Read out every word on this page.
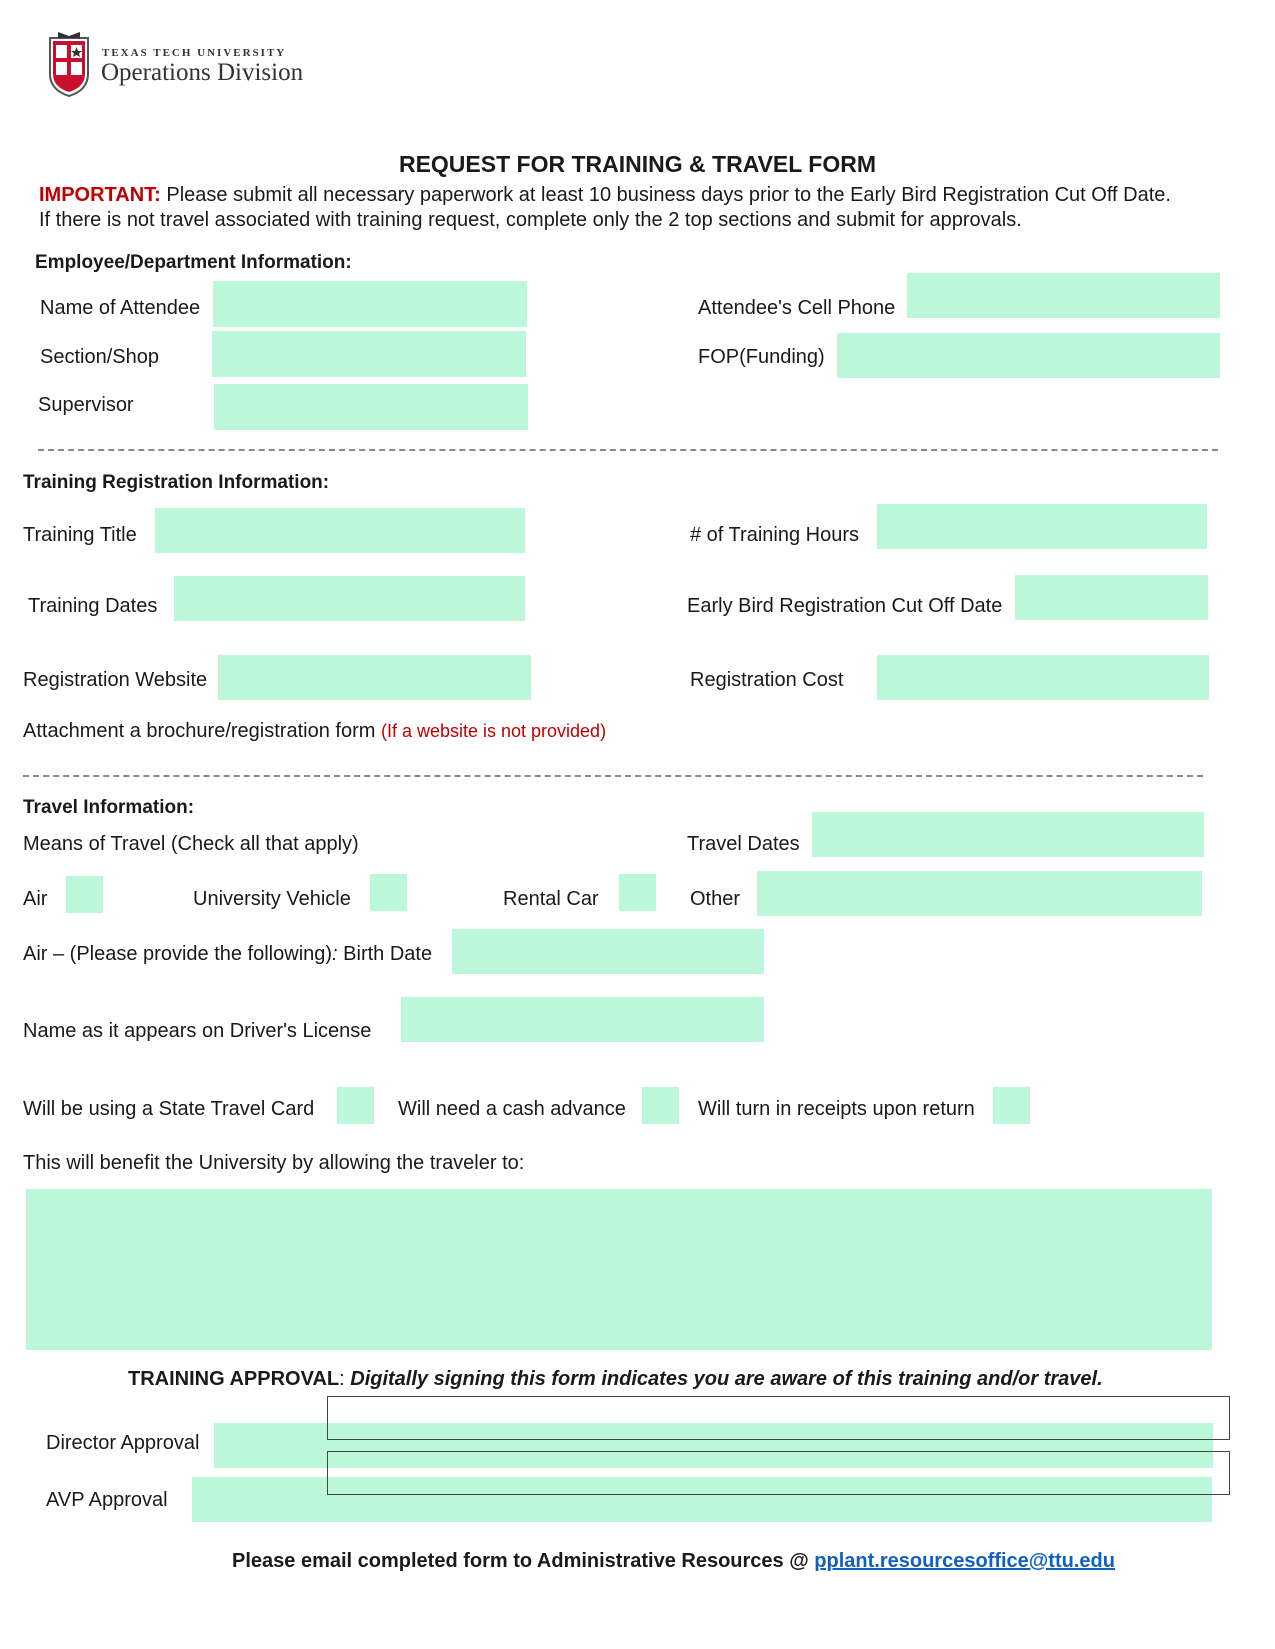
TEXAS TECH UNIVERSITY
Operations Division
REQUEST FOR TRAINING & TRAVEL FORM
IMPORTANT: Please submit all necessary paperwork at least 10 business days prior to the Early Bird Registration Cut Off Date.
If there is not travel associated with training request, complete only the 2 top sections and submit for approvals.
Employee/Department Information:
Name of Attendee	Attendee's Cell Phone
Section/Shop	FOP(Funding)
Supervisor
Training Registration Information:
Training Title	# of Training Hours
Training Dates	Early Bird Registration Cut Off Date
Registration Website	Registration Cost
Attachment a brochure/registration form (If a website is not provided)
Travel Information:
Means of Travel (Check all that apply)	Travel Dates
Air	University Vehicle	Rental Car	Other
Air – (Please provide the following): Birth Date
Name as it appears on Driver's License
Will be using a State Travel Card	Will need a cash advance	Will turn in receipts upon return
This will benefit the University by allowing the traveler to:
TRAINING APPROVAL: Digitally signing this form indicates you are aware of this training and/or travel.
Director Approval
AVP Approval
Please email completed form to Administrative Resources @ pplant.resourcesoffice@ttu.edu
